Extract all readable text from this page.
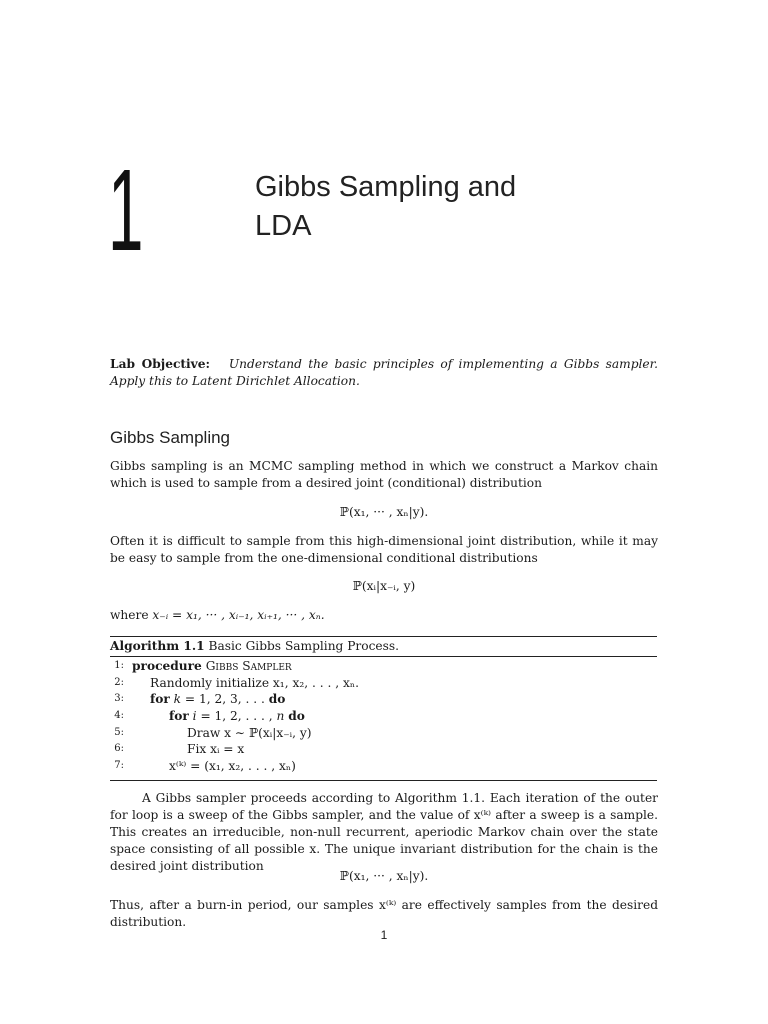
1	Gibbs Sampling and
LDA
Lab Objective: Understand the basic principles of implementing a Gibbs sampler. Apply this to Latent Dirichlet Allocation.
Gibbs Sampling
Gibbs sampling is an MCMC sampling method in which we construct a Markov chain which is used to sample from a desired joint (conditional) distribution
ℙ(x₁, ··· , xₙ|y).
Often it is difficult to sample from this high-dimensional joint distribution, while it may be easy to sample from the one-dimensional conditional distributions
ℙ(xᵢ|x₋ᵢ, y)
where x₋ᵢ = x₁, ··· , xᵢ₋₁, xᵢ₊₁, ··· , xₙ.
Algorithm 1.1 Basic Gibbs Sampling Process.
1: procedure Gibbs Sampler
2: Randomly initialize x₁, x₂, . . . , xₙ.
3: for k = 1, 2, 3, . . . do
4:	for i = 1, 2, . . . , n do
5:	Draw x ∼ ℙ(xᵢ|x₋ᵢ, y)
6:	Fix xᵢ = x
7:	x⁽ᵏ⁾ = (x₁, x₂, . . . , xₙ)
A Gibbs sampler proceeds according to Algorithm 1.1. Each iteration of the outer for loop is a sweep of the Gibbs sampler, and the value of x⁽ᵏ⁾ after a sweep is a sample. This creates an irreducible, non-null recurrent, aperiodic Markov chain over the state space consisting of all possible x. The unique invariant distribution for the chain is the desired joint distribution
ℙ(x₁, ··· , xₙ|y).
Thus, after a burn-in period, our samples x⁽ᵏ⁾ are effectively samples from the desired distribution.
1
